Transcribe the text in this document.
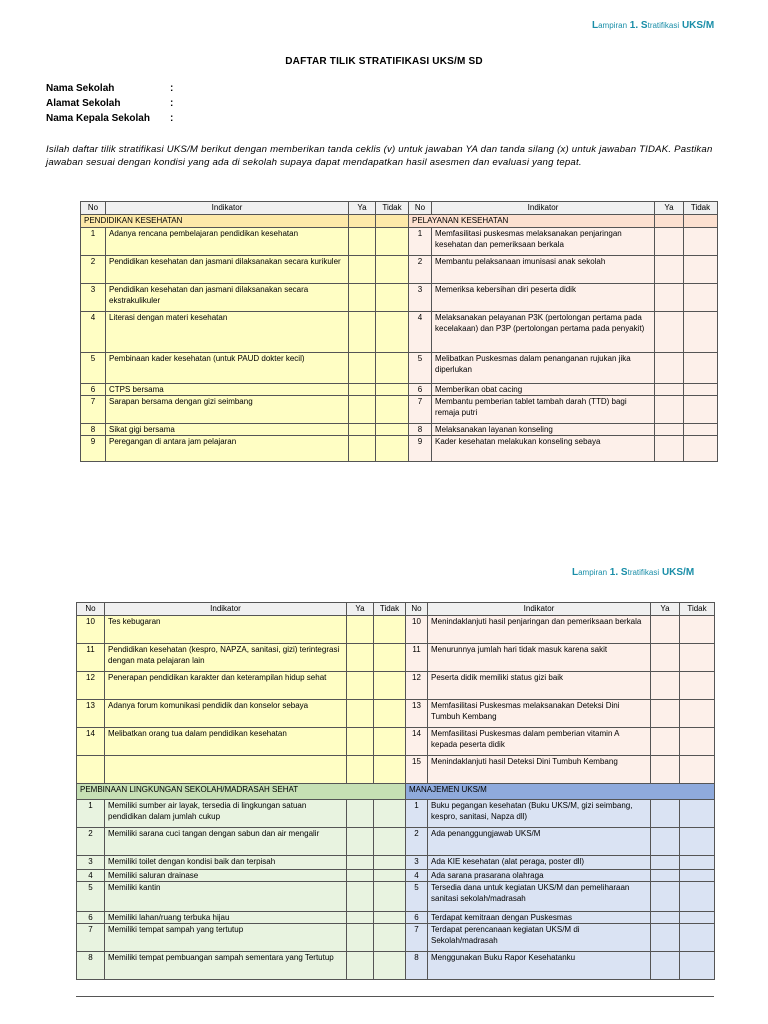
Lampiran 1. Stratifikasi UKS/M
DAFTAR TILIK STRATIFIKASI UKS/M SD
Nama Sekolah	:
Alamat Sekolah	:
Nama Kepala Sekolah :
Isilah daftar tilik stratifikasi UKS/M berikut dengan memberikan tanda ceklis (v) untuk jawaban YA dan tanda silang (x) untuk jawaban TIDAK. Pastikan jawaban sesuai dengan kondisi yang ada di sekolah supaya dapat mendapatkan hasil asesmen dan evaluasi yang tepat.
No	Indikator	Ya	Tidak	No	Indikator	Ya	Tidak
PENDIDIKAN KESEHATAN				PELAYANAN KESEHATAN			
1	Adanya rencana pembelajaran pendidikan kesehatan			1	Memfasilitasi puskesmas melaksanakan penjaringan kesehatan dan pemeriksaan berkala		
2	Pendidikan kesehatan dan jasmani dilaksanakan secara kurikuler			2	Membantu pelaksanaan imunisasi anak sekolah		
3	Pendidikan kesehatan dan jasmani dilaksanakan secara ekstrakulikuler			3	Memeriksa kebersihan diri peserta didik		
4	Literasi dengan materi kesehatan			4	Melaksanakan pelayanan P3K (pertolongan pertama pada kecelakaan) dan P3P (pertolongan pertama pada penyakit)		
5	Pembinaan kader kesehatan (untuk PAUD dokter kecil)			5	Melibatkan Puskesmas dalam penanganan rujukan jika diperlukan		
6	CTPS bersama			6	Memberikan obat cacing		
7	Sarapan bersama dengan gizi seimbang			7	Membantu pemberian tablet tambah darah (TTD) bagi remaja putri		
8	Sikat gigi bersama			8	Melaksanakan layanan konseling		
9	Peregangan di antara jam pelajaran			9	Kader kesehatan melakukan konseling sebaya		
Lampiran 1. Stratifikasi UKS/M
No	Indikator	Ya	Tidak	No	Indikator	Ya	Tidak
10	Tes kebugaran			10	Menindaklanjuti hasil penjaringan dan pemeriksaan berkala		
11	Pendidikan kesehatan (kespro, NAPZA, sanitasi, gizi) terintegrasi dengan mata pelajaran lain			11	Menurunnya jumlah hari tidak masuk karena sakit		
12	Penerapan pendidikan karakter dan keterampilan hidup sehat			12	Peserta didik memiliki status gizi baik		
13	Adanya forum komunikasi pendidik dan konselor sebaya			13	Memfasilitasi Puskesmas melaksanakan Deteksi Dini Tumbuh Kembang		
14	Melibatkan orang tua dalam pendidikan kesehatan			14	Memfasilitasi Puskesmas dalam pemberian vitamin A kepada peserta didik		
				15	Menindaklanjuti hasil Deteksi Dini Tumbuh Kembang		
PEMBINAAN LINGKUNGAN SEKOLAH/MADRASAH SEHAT				MANAJEMEN UKS/M			
1	Memiliki sumber air layak, tersedia di lingkungan satuan pendidikan dalam jumlah cukup			1	Buku pegangan kesehatan (Buku UKS/M, gizi seimbang, kespro, sanitasi, Napza dll)		
2	Memiliki sarana cuci tangan dengan sabun dan air mengalir			2	Ada penanggungjawab UKS/M		
3	Memiliki toilet dengan kondisi baik dan terpisah			3	Ada KIE kesehatan (alat peraga, poster dll)		
4	Memiliki saluran drainase			4	Ada sarana prasarana olahraga		
5	Memiliki kantin			5	Tersedia dana untuk kegiatan UKS/M dan pemeliharaan sanitasi sekolah/madrasah		
6	Memiliki lahan/ruang terbuka hijau			6	Terdapat kemitraan dengan Puskesmas		
7	Memiliki tempat sampah yang tertutup			7	Terdapat perencanaan kegiatan UKS/M di Sekolah/madrasah		
8	Memiliki tempat pembuangan sampah sementara yang Tertutup			8	Menggunakan Buku Rapor Kesehatanku		
